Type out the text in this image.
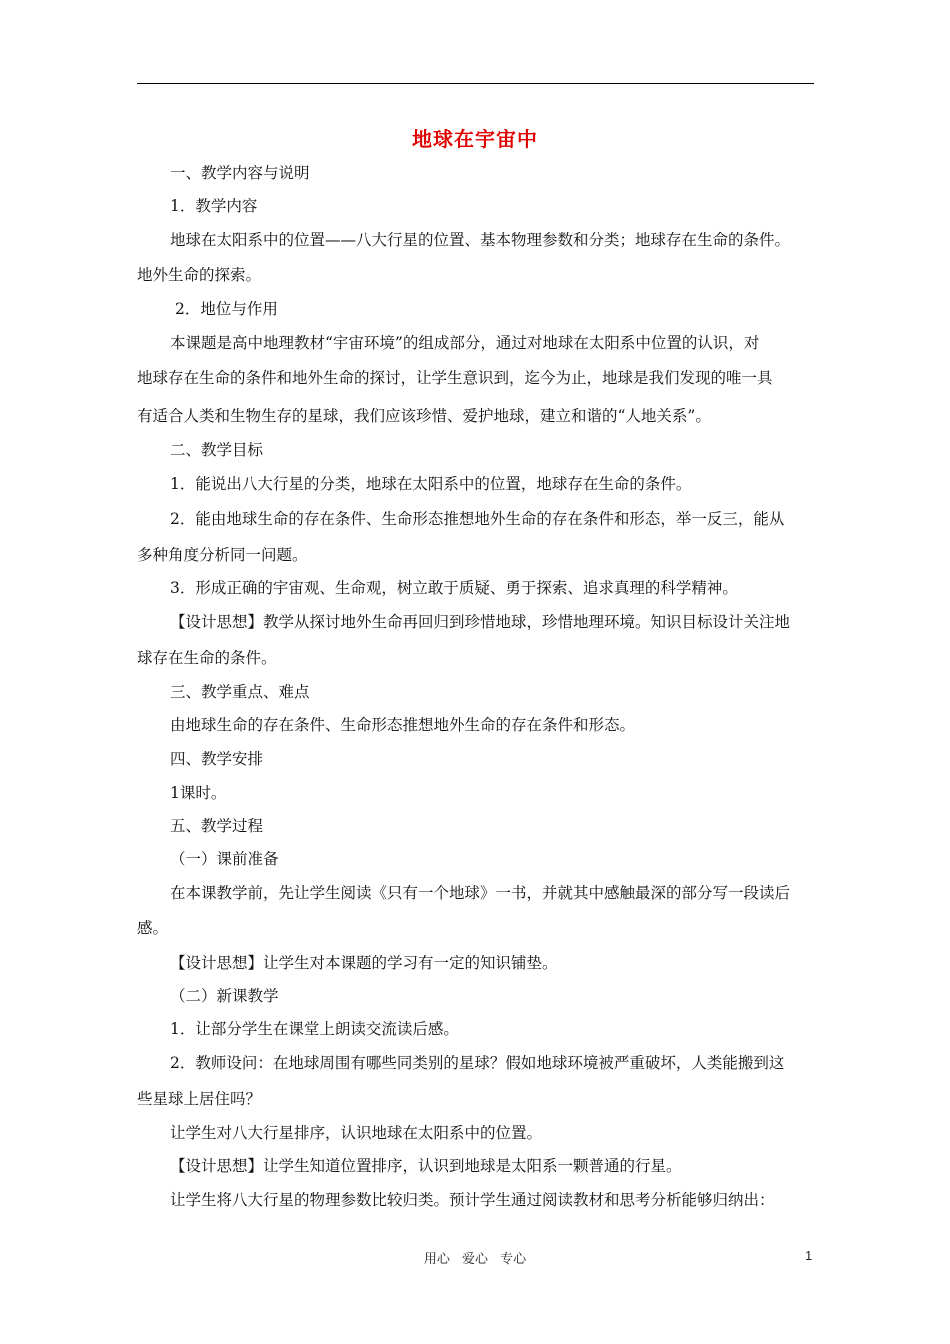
地球在宇宙中
一、教学内容与说明
1．教学内容
地球在太阳系中的位置——八大行星的位置、基本物理参数和分类；地球存在生命的条件。
地外生命的探索。
2．地位与作用
本课题是高中地理教材“宇宙环境”的组成部分，通过对地球在太阳系中位置的认识，对
地球存在生命的条件和地外生命的探讨，让学生意识到，迄今为止，地球是我们发现的唯一具
有适合人类和生物生存的星球，我们应该珍惜、爱护地球，建立和谐的“人地关系”。
二、教学目标
1．能说出八大行星的分类，地球在太阳系中的位置，地球存在生命的条件。
2．能由地球生命的存在条件、生命形态推想地外生命的存在条件和形态，举一反三，能从
多种角度分析同一问题。
3．形成正确的宇宙观、生命观，树立敢于质疑、勇于探索、追求真理的科学精神。
【设计思想】教学从探讨地外生命再回归到珍惜地球，珍惜地理环境。知识目标设计关注地
球存在生命的条件。
三、教学重点、难点
由地球生命的存在条件、生命形态推想地外生命的存在条件和形态。
四、教学安排
1课时。
五、教学过程
（一）课前准备
在本课教学前，先让学生阅读《只有一个地球》一书，并就其中感触最深的部分写一段读后
感。
【设计思想】让学生对本课题的学习有一定的知识铺垫。
（二）新课教学
1．让部分学生在课堂上朗读交流读后感。
2．教师设问：在地球周围有哪些同类别的星球？假如地球环境被严重破坏，人类能搬到这
些星球上居住吗？
让学生对八大行星排序，认识地球在太阳系中的位置。
【设计思想】让学生知道位置排序，认识到地球是太阳系一颗普通的行星。
让学生将八大行星的物理参数比较归类。预计学生通过阅读教材和思考分析能够归纳出：
用心 爱心 专心	1
